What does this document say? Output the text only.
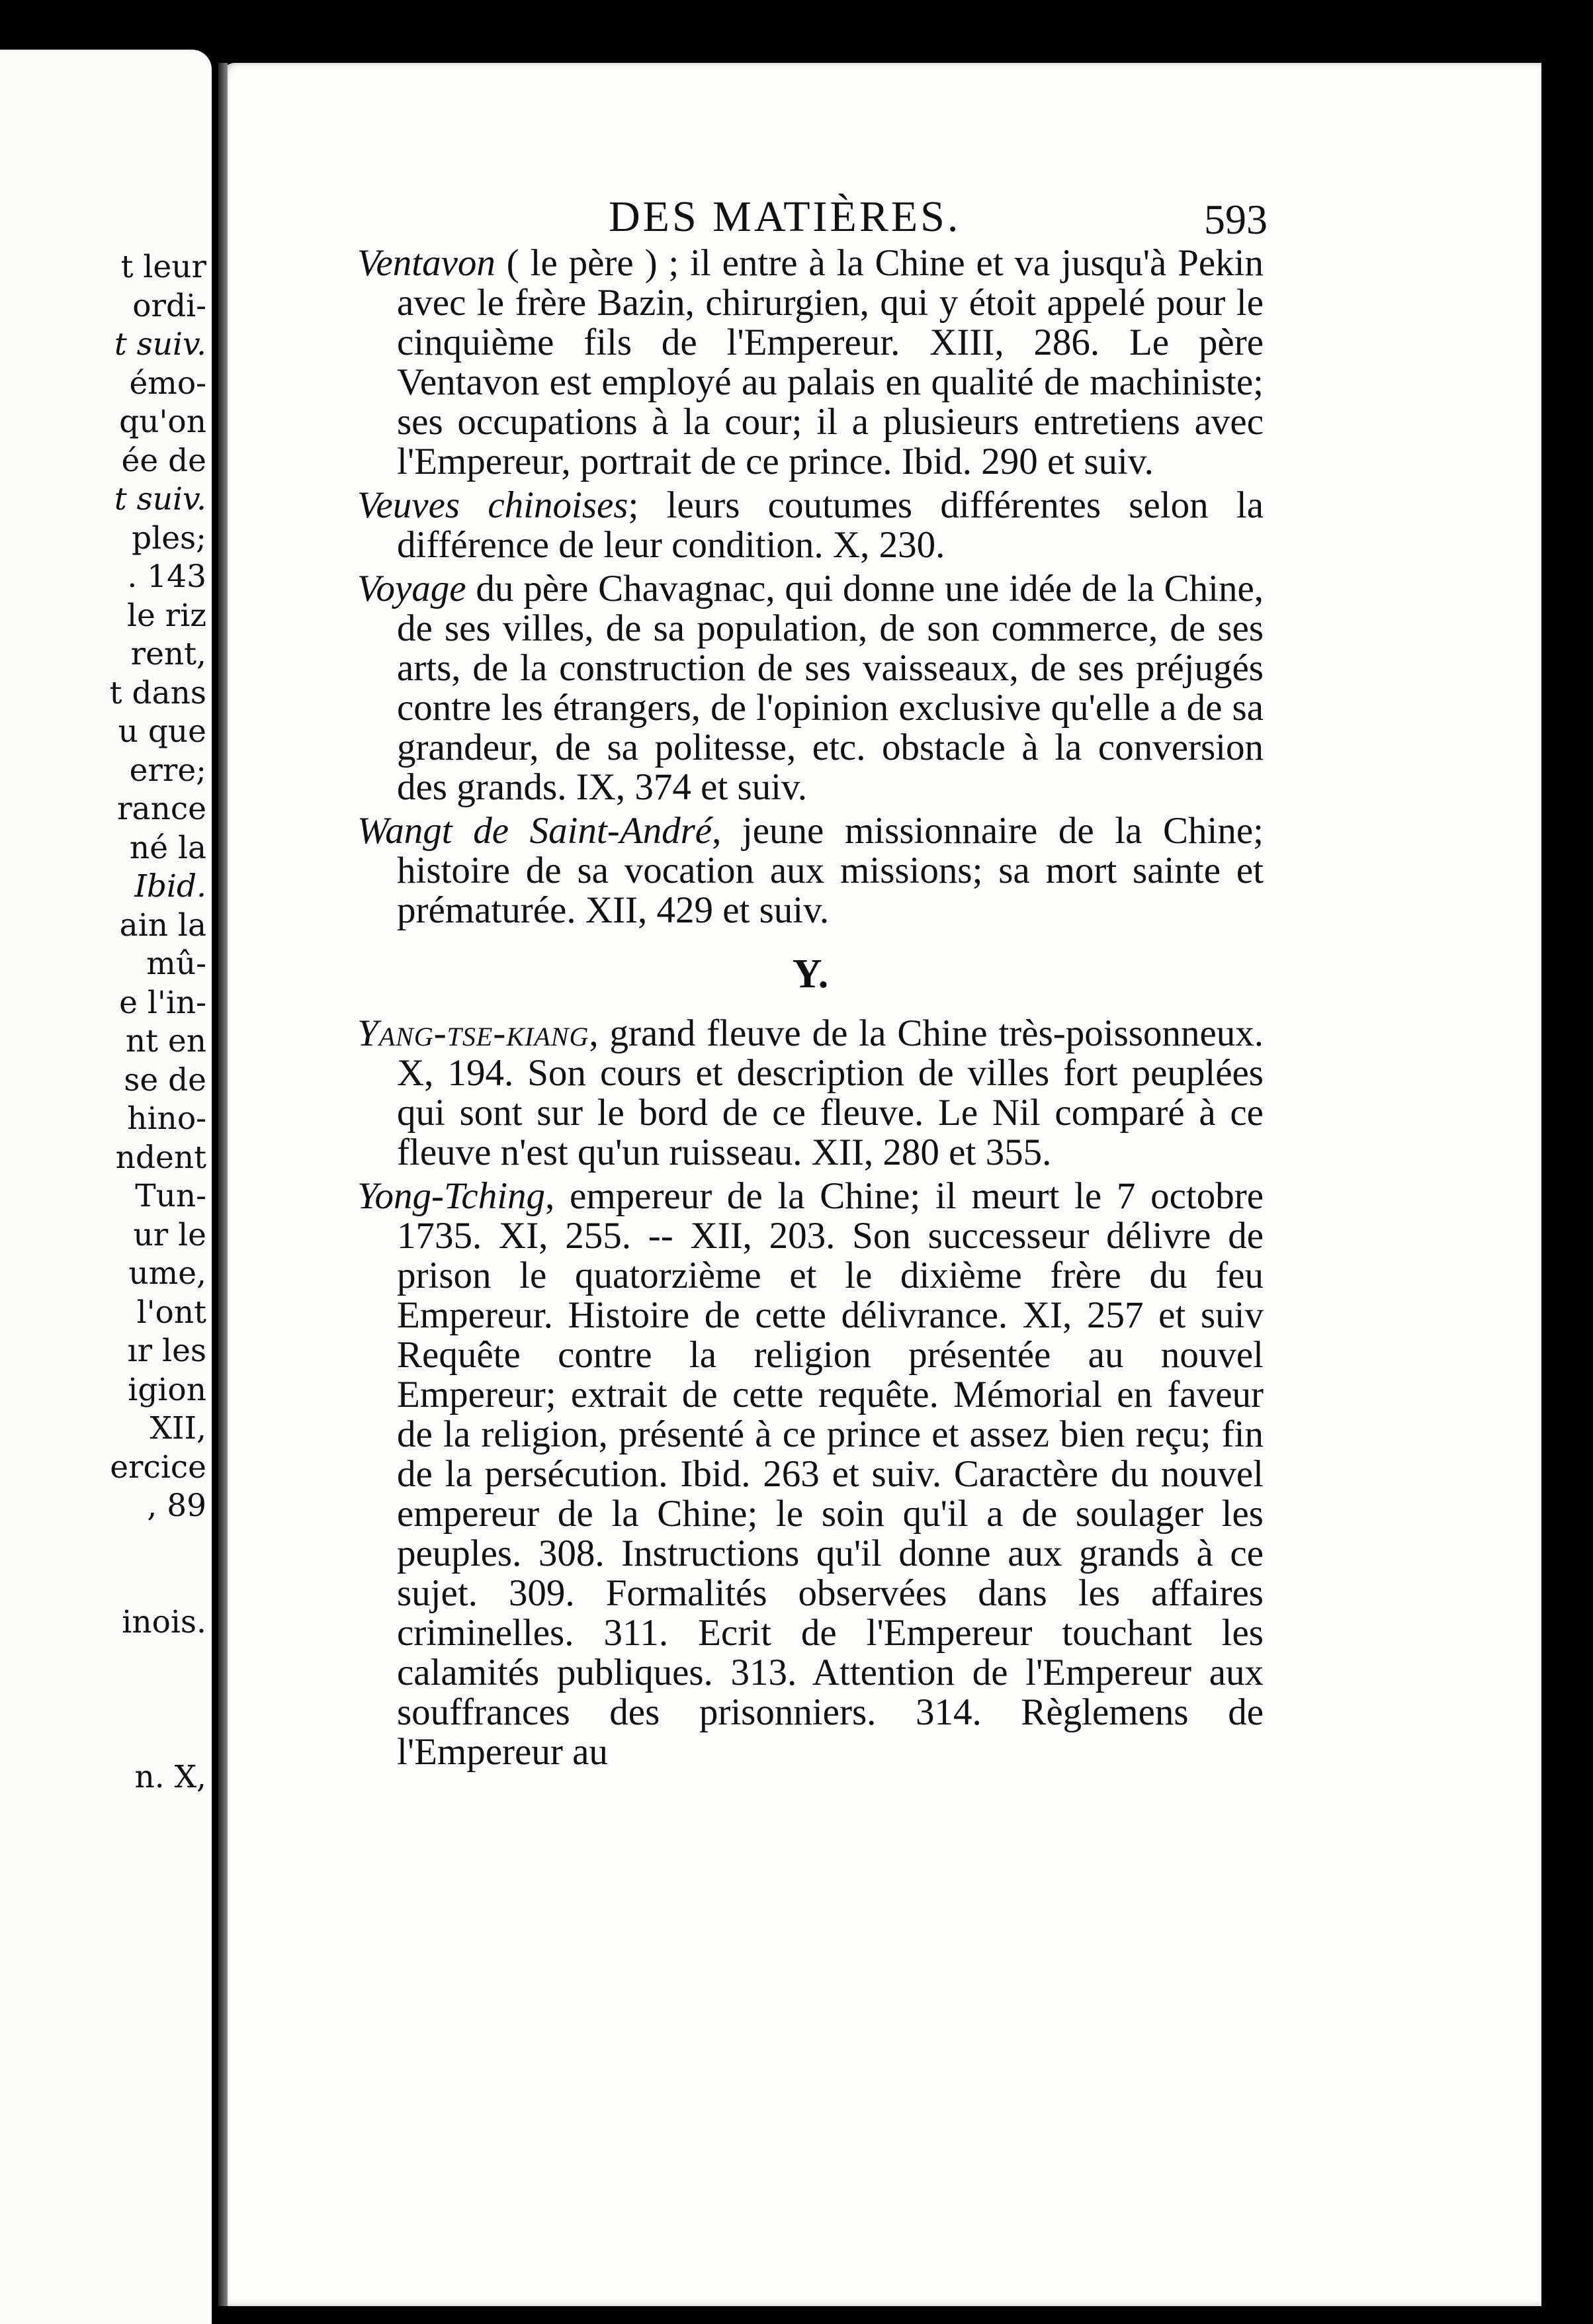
t leur
ordi-
t suiv.
émo-
qu'on
ée de
t suiv.
ples;
. 143
le riz
rent,
t dans
u que
erre;
rance
né la
Ibid.
ain la
mû-
e l'in-
nt en
se de
hino-
ndent
Tun-
ur le
ume,
l'ont
ır les
igion
XII,
ercice
, 89
inois.
n. X,
DES MATIÈRES.	593

Ventavon ( le père ) ; il entre à la Chine et va jusqu'à Pekin avec le frère Bazin, chirurgien, qui y étoit appelé pour le cinquième fils de l'Empereur. XIII, 286. Le père Ventavon est employé au palais en qualité de machiniste; ses occupations à la cour; il a plusieurs entretiens avec l'Empereur, portrait de ce prince. Ibid. 290 et suiv.

Veuves chinoises; leurs coutumes différentes selon la différence de leur condition. X, 230.

Voyage du père Chavagnac, qui donne une idée de la Chine, de ses villes, de sa population, de son commerce, de ses arts, de la construction de ses vaisseaux, de ses préjugés contre les étrangers, de l'opinion exclusive qu'elle a de sa grandeur, de sa politesse, etc. obstacle à la conversion des grands. IX, 374 et suiv.

Wangt de Saint-André, jeune missionnaire de la Chine; histoire de sa vocation aux missions; sa mort sainte et prématurée. XII, 429 et suiv.

Y.

Yang-tse-kiang, grand fleuve de la Chine très-poissonneux. X, 194. Son cours et description de villes fort peuplées qui sont sur le bord de ce fleuve. Le Nil comparé à ce fleuve n'est qu'un ruisseau. XII, 280 et 355.

Yong-Tching, empereur de la Chine; il meurt le 7 octobre 1735. XI, 255. -- XII, 203. Son successeur délivre de prison le quatorzième et le dixième frère du feu Empereur. Histoire de cette délivrance. XI, 257 et suiv Requête contre la religion présentée au nouvel Empereur; extrait de cette requête. Mémorial en faveur de la religion, présenté à ce prince et assez bien reçu; fin de la persécution. Ibid. 263 et suiv. Caractère du nouvel empereur de la Chine; le soin qu'il a de soulager les peuples. 308. Instructions qu'il donne aux grands à ce sujet. 309. Formalités observées dans les affaires criminelles. 311. Ecrit de l'Empereur touchant les calamités publiques. 313. Attention de l'Empereur aux souffrances des prisonniers. 314. Règlemens de l'Empereur au
